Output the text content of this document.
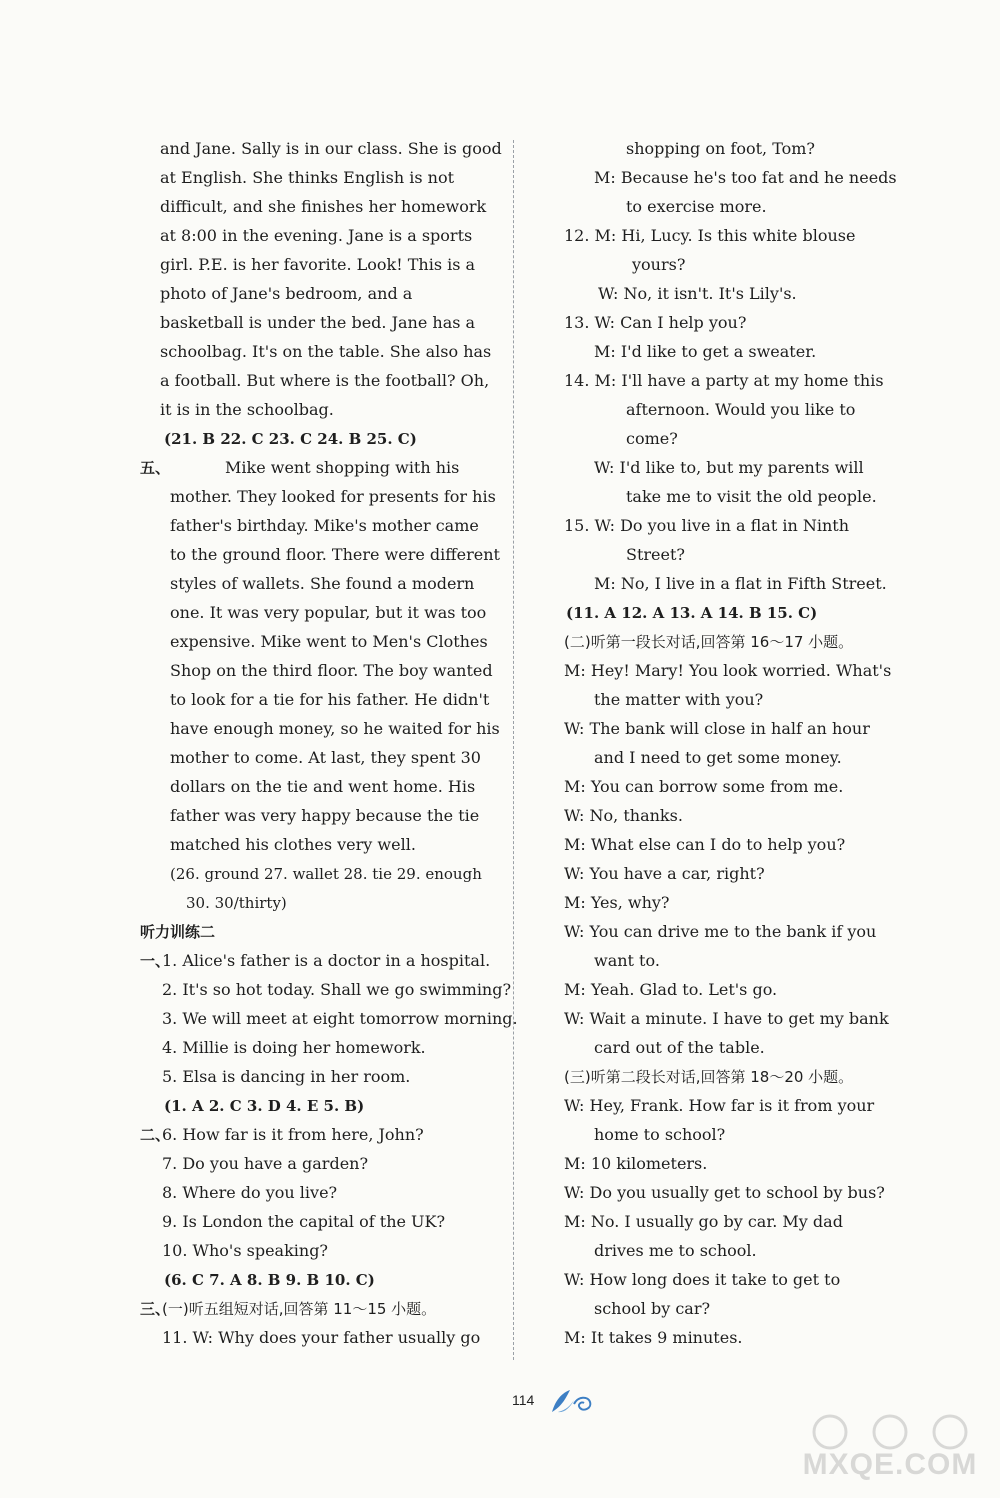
and Jane. Sally is in our class. She is good
at English. She thinks English is not
difficult, and she finishes her homework
at 8:00 in the evening. Jane is a sports
girl. P.E. is her favorite. Look! This is a
photo of Jane's bedroom, and a
basketball is under the bed. Jane has a
schoolbag. It's on the table. She also has
a football. But where is the football? Oh,
it is in the schoolbag.
(21. B 22. C 23. C 24. B 25. C)
五、	Mike went shopping with his
mother. They looked for presents for his
father's birthday. Mike's mother came
to the ground floor. There were different
styles of wallets. She found a modern
one. It was very popular, but it was too
expensive. Mike went to Men's Clothes
Shop on the third floor. The boy wanted
to look for a tie for his father. He didn't
have enough money, so he waited for his
mother to come. At last, they spent 30
dollars on the tie and went home. His
father was very happy because the tie
matched his clothes very well.
(26. ground 27. wallet 28. tie 29. enough
30. 30/thirty)
听力训练二
一、
1. Alice's father is a doctor in a hospital.
2. It's so hot today. Shall we go swimming?
3. We will meet at eight tomorrow morning.
4. Millie is doing her homework.
5. Elsa is dancing in her room.
(1. A 2. C 3. D 4. E 5. B)
二、
6. How far is it from here, John?
7. Do you have a garden?
8. Where do you live?
9. Is London the capital of the UK?
10. Who's speaking?
(6. C 7. A 8. B 9. B 10. C)
三、
(一)听五组短对话,回答第 11～15 小题。
11. W: Why does your father usually go
shopping on foot, Tom?
M: Because he's too fat and he needs
to exercise more.
12. M: Hi, Lucy. Is this white blouse
yours?
W: No, it isn't. It's Lily's.
13. W: Can I help you?
M: I'd like to get a sweater.
14. M: I'll have a party at my home this
afternoon. Would you like to
come?
W: I'd like to, but my parents will
take me to visit the old people.
15. W: Do you live in a flat in Ninth
Street?
M: No, I live in a flat in Fifth Street.
(11. A 12. A 13. A 14. B 15. C)
(二)听第一段长对话,回答第 16～17 小题。
M: Hey! Mary! You look worried. What's
the matter with you?
W: The bank will close in half an hour
and I need to get some money.
M: You can borrow some from me.
W: No, thanks.
M: What else can I do to help you?
W: You have a car, right?
M: Yes, why?
W: You can drive me to the bank if you
want to.
M: Yeah. Glad to. Let's go.
W: Wait a minute. I have to get my bank
card out of the table.
(三)听第二段长对话,回答第 18～20 小题。
W: Hey, Frank. How far is it from your
home to school?
M: 10 kilometers.
W: Do you usually get to school by bus?
M: No. I usually go by car. My dad
drives me to school.
W: How long does it take to get to
school by car?
M: It takes 9 minutes.
114
MXQE.COM
